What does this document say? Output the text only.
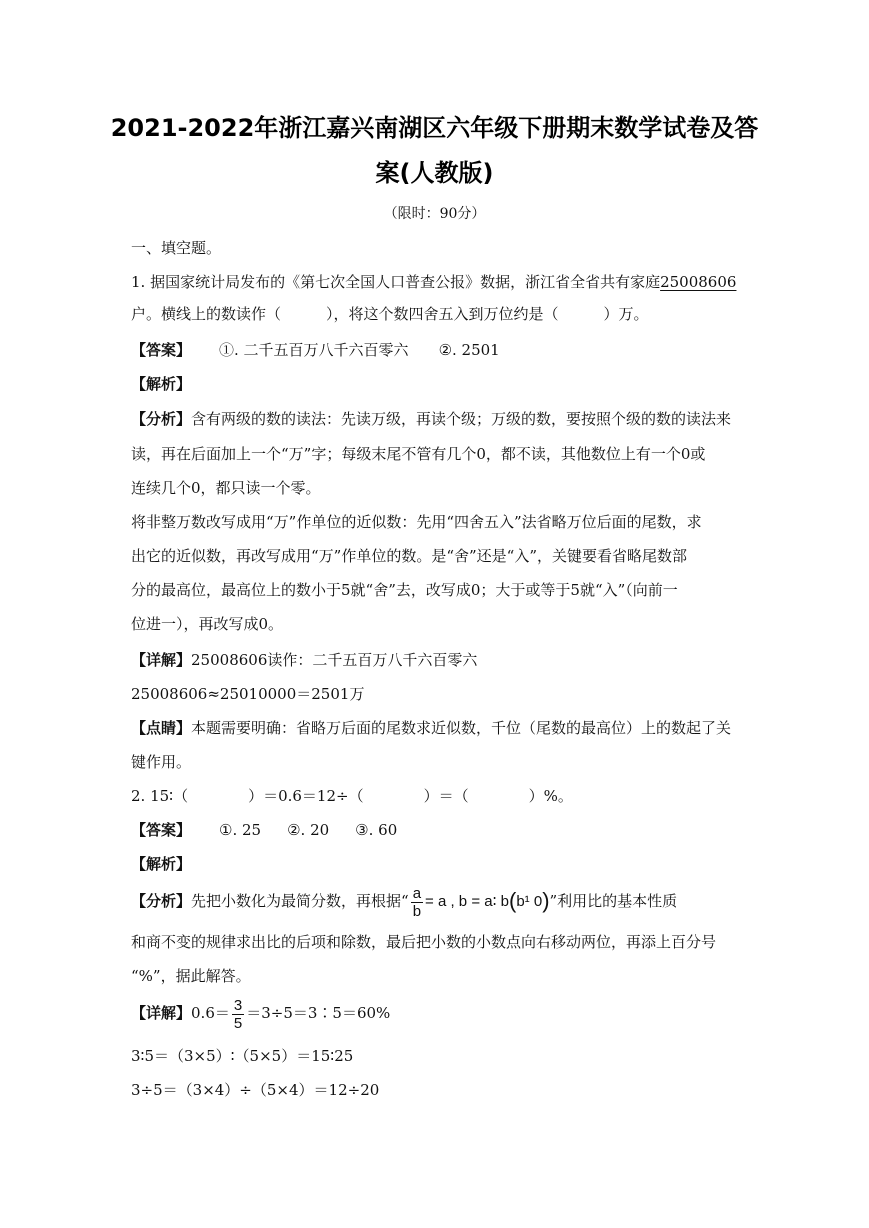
2021-2022年浙江嘉兴南湖区六年级下册期末数学试卷及答
案(人教版)
（限时：90分）
一、填空题。
1. 据国家统计局发布的《第七次全国人口普查公报》数据，浙江省全省共有家庭25008606
户。横线上的数读作（　　　），将这个数四舍五入到万位约是（　　　）万。
【答案】 ①. 二千五百万八千六百零六 ②. 2501
【解析】
【分析】含有两级的数的读法：先读万级，再读个级；万级的数，要按照个级的数的读法来
读，再在后面加上一个“万”字；每级末尾不管有几个0，都不读，其他数位上有一个0或
连续几个0，都只读一个零。
将非整万数改写成用“万”作单位的近似数：先用“四舍五入”法省略万位后面的尾数，求
出它的近似数，再改写成用“万”作单位的数。是“舍”还是“入”，关键要看省略尾数部
分的最高位，最高位上的数小于5就“舍”去，改写成0；大于或等于5就“入”（向前一
位进一），再改写成0。
【详解】25008606读作：二千五百万八千六百零六
25008606≈25010000＝2501万
【点睛】本题需要明确：省略万后面的尾数求近似数，千位（尾数的最高位）上的数起了关
键作用。
2. 15∶（　　　　）＝0.6＝12÷（　　　　）＝（　　　　）%。
【答案】 ①. 25 ②. 20 ③. 60
【解析】
【分析】先把小数化为最简分数，再根据“ $\frac{a}{b} = a$ , b = a∶ b(b¹ 0)”利用比的基本性质
和商不变的规律求出比的后项和除数，最后把小数的小数点向右移动两位，再添上百分号
“%”，据此解答。
【详解】$0.6= \frac{3}{5}$ ＝3÷5＝3∶5＝60%
3∶5＝（3×5）∶（5×5）＝15∶25
3÷5＝（3×4）÷（5×4）＝12÷20
